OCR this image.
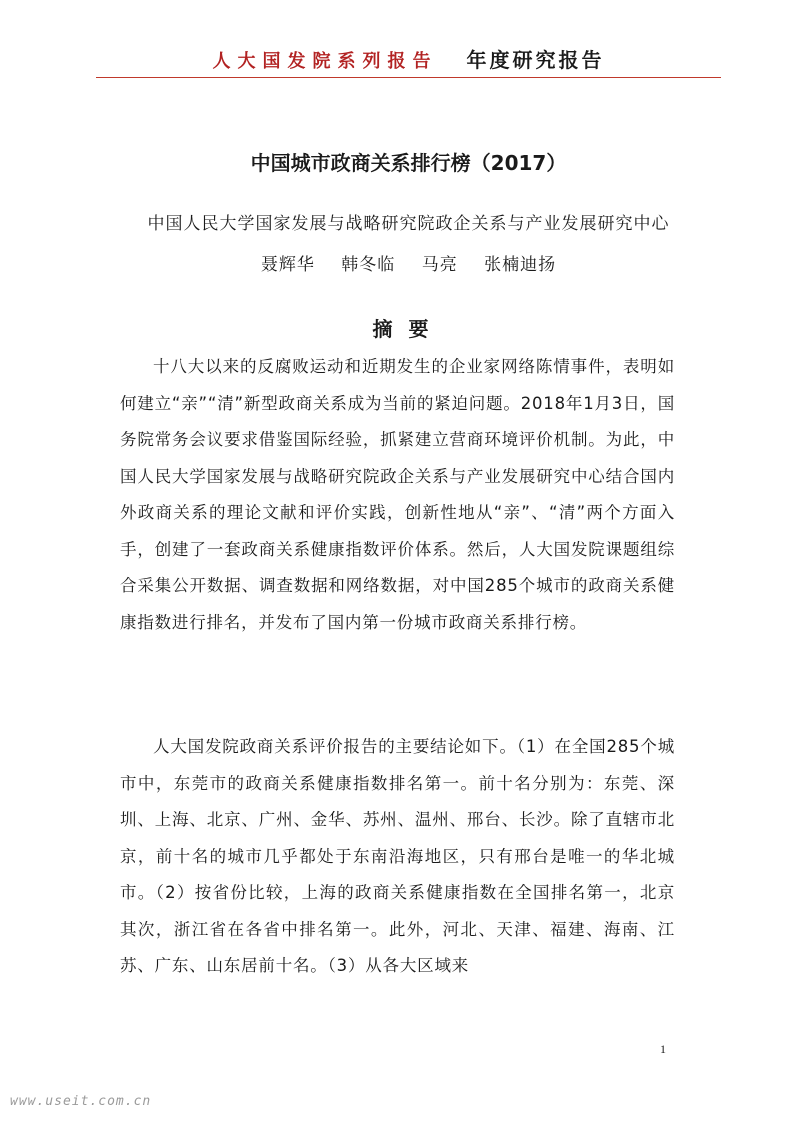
人大国发院系列报告 年度研究报告
中国城市政商关系排行榜（2017）
中国人民大学国家发展与战略研究院政企关系与产业发展研究中心
聂辉华 韩冬临 马亮 张楠迪扬
摘要

十八大以来的反腐败运动和近期发生的企业家网络陈情事件，表明如何建立“亲”“清”新型政商关系成为当前的紧迫问题。2018年1月3日，国务院常务会议要求借鉴国际经验，抓紧建立营商环境评价机制。为此，中国人民大学国家发展与战略研究院政企关系与产业发展研究中心结合国内外政商关系的理论文献和评价实践，创新性地从“亲”、“清”两个方面入手，创建了一套政商关系健康指数评价体系。然后，人大国发院课题组综合采集公开数据、调查数据和网络数据，对中国285个城市的政商关系健康指数进行排名，并发布了国内第一份城市政商关系排行榜。

人大国发院政商关系评价报告的主要结论如下。（1）在全国285个城市中，东莞市的政商关系健康指数排名第一。前十名分别为：东莞、深圳、上海、北京、广州、金华、苏州、温州、邢台、长沙。除了直辖市北京，前十名的城市几乎都处于东南沿海地区，只有邢台是唯一的华北城市。（2）按省份比较，上海的政商关系健康指数在全国排名第一，北京其次，浙江省在各省中排名第一。此外，河北、天津、福建、海南、江苏、广东、山东居前十名。（3）从各大区域来

1
www.useit.com.cn
